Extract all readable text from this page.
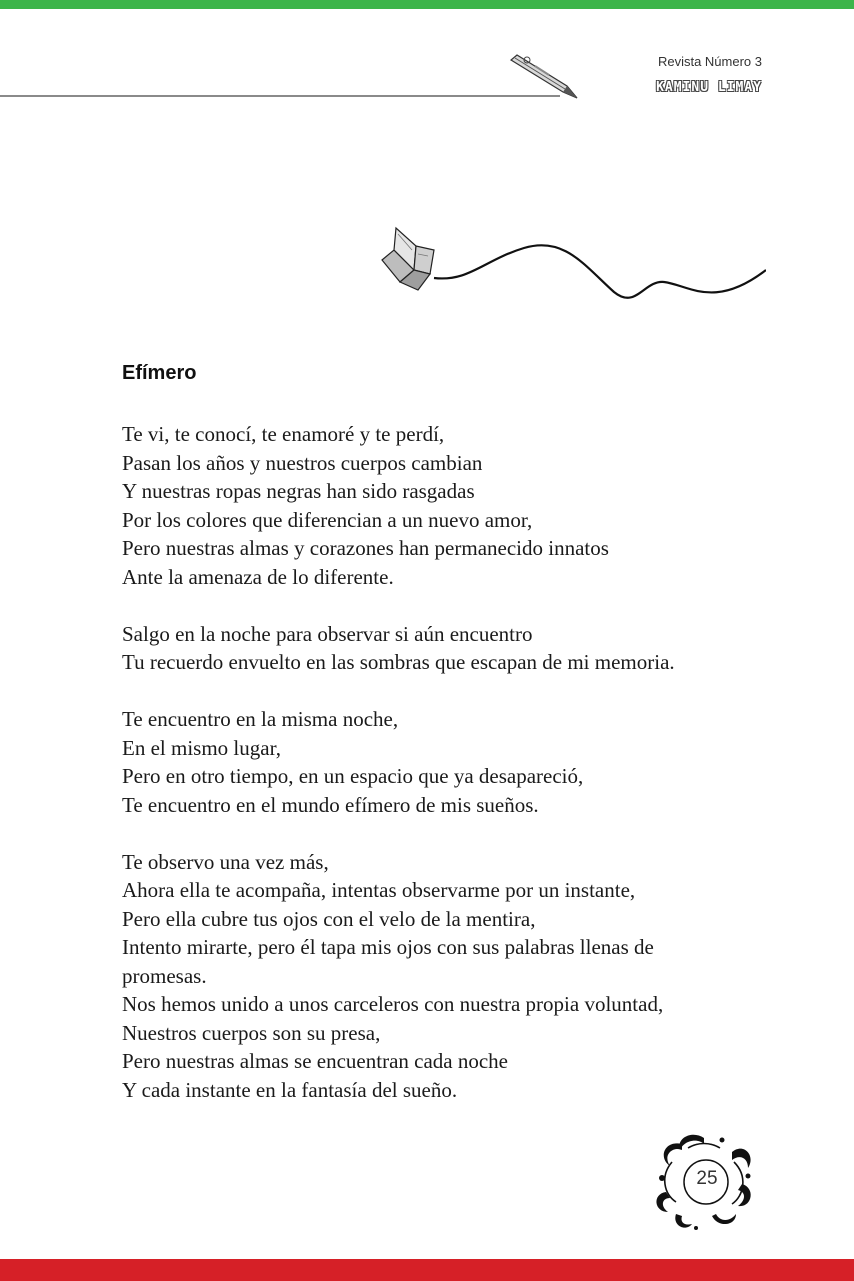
Revista Número 3
KAMINU LIMAY
Efímero
Te vi, te conocí, te enamoré y te perdí,
Pasan los años y nuestros cuerpos cambian
Y nuestras ropas negras han sido rasgadas
Por los colores que diferencian a un nuevo amor,
Pero nuestras almas y corazones han permanecido innatos
Ante la amenaza de lo diferente.
Salgo en la noche para observar si aún encuentro
Tu recuerdo envuelto en las sombras que escapan de mi memoria.
Te encuentro en la misma noche,
En el mismo lugar,
Pero en otro tiempo, en un espacio que ya desapareció,
Te encuentro en el mundo efímero de mis sueños.
Te observo una vez más,
Ahora ella te acompaña, intentas observarme por un instante,
Pero ella cubre tus ojos con el velo de la mentira,
Intento mirarte, pero él tapa mis ojos con sus palabras llenas de
promesas.
Nos hemos unido a unos carceleros con nuestra propia voluntad,
Nuestros cuerpos son su presa,
Pero nuestras almas se encuentran cada noche
Y cada instante en la fantasía del sueño.
25
